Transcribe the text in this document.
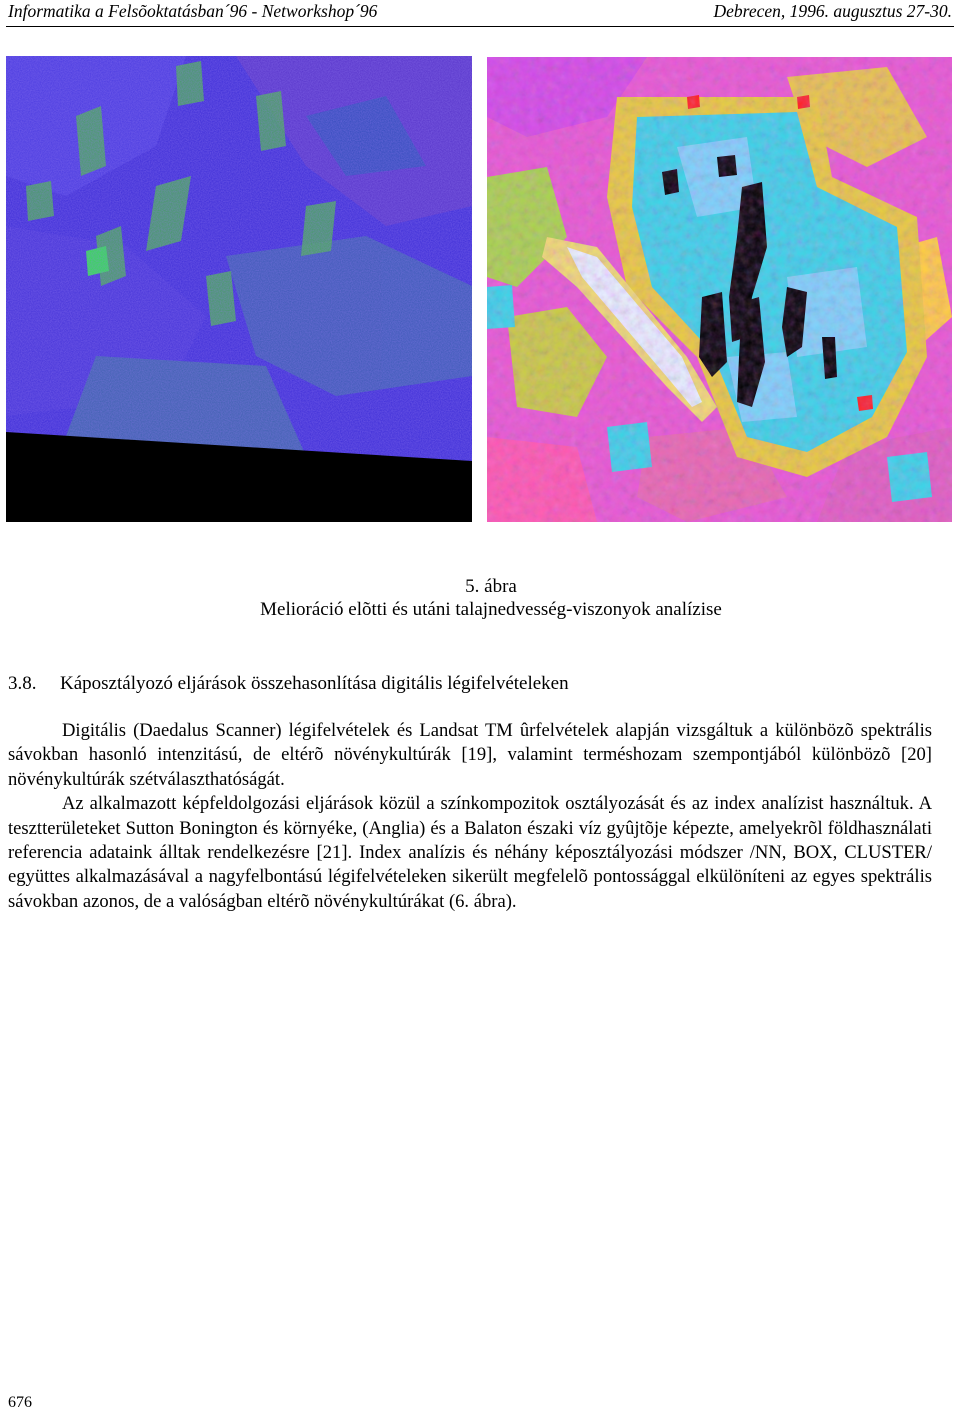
Informatika a Felsõoktatásban´96 - Networkshop´96	Debrecen, 1996. augusztus 27-30.
5. ábra
Melioráció elõtti és utáni talajnedvesség-viszonyok analízise
3.8. Káposztályozó eljárások összehasonlítása digitális légifelvételeken

Digitális (Daedalus Scanner) légifelvételek és Landsat TM ûrfelvételek alapján vizsgáltuk a különbözõ spektrális sávokban hasonló intenzitású, de eltérõ növénykultúrák [19], valamint terméshozam szempontjából különbözõ [20] növénykultúrák szétválaszthatóságát.

Az alkalmazott képfeldolgozási eljárások közül a színkompozitok osztályozását és az index analízist használtuk. A tesztterületeket Sutton Bonington és környéke, (Anglia) és a Balaton északi víz gyûjtõje képezte, amelyekrõl földhasználati referencia adataink álltak rendelkezésre [21]. Index analízis és néhány képosztályozási módszer /NN, BOX, CLUSTER/ együttes alkalmazásával a nagyfelbontású légifelvételeken sikerült megfelelõ pontossággal elkülöníteni az egyes spektrális sávokban azonos, de a valóságban eltérõ növénykultúrákat (6. ábra).

676
